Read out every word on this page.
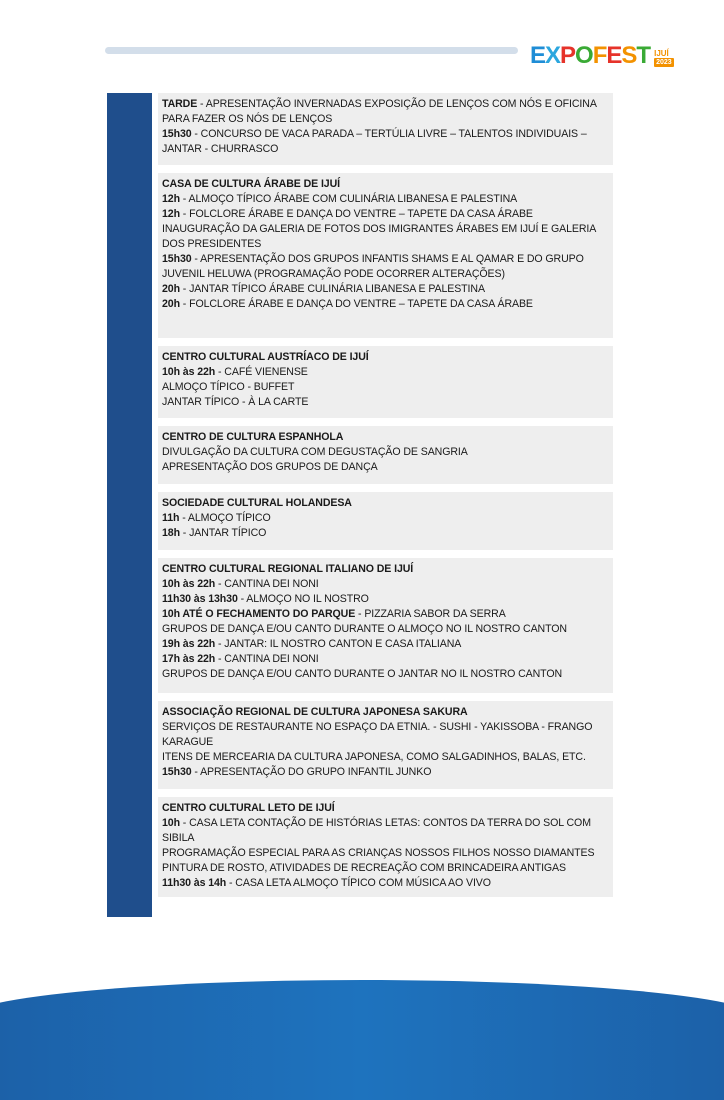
EXPOFEST IJUÍ
2023
TARDE - APRESENTAÇÃO INVERNADAS EXPOSIÇÃO DE LENÇOS COM NÓS E OFICINA PARA FAZER OS NÓS DE LENÇOS
15h30 - CONCURSO DE VACA PARADA – TERTÚLIA LIVRE – TALENTOS INDIVIDUAIS – JANTAR - CHURRASCO
CASA DE CULTURA ÁRABE DE IJUÍ
12h - ALMOÇO TÍPICO ÁRABE COM CULINÁRIA LIBANESA E PALESTINA
12h - FOLCLORE ÁRABE E DANÇA DO VENTRE – TAPETE DA CASA ÁRABE
INAUGURAÇÃO DA GALERIA DE FOTOS DOS IMIGRANTES ÁRABES EM IJUÍ E GALERIA DOS PRESIDENTES
15h30 - APRESENTAÇÃO DOS GRUPOS INFANTIS SHAMS E AL QAMAR E DO GRUPO JUVENIL HELUWA (PROGRAMAÇÃO PODE OCORRER ALTERAÇÕES)
20h - JANTAR TÍPICO ÁRABE CULINÁRIA LIBANESA E PALESTINA
20h - FOLCLORE ÁRABE E DANÇA DO VENTRE – TAPETE DA CASA ÁRABE
CENTRO CULTURAL AUSTRÍACO DE IJUÍ
10h às 22h - CAFÉ VIENENSE
ALMOÇO TÍPICO - BUFFET
JANTAR TÍPICO - À LA CARTE
CENTRO DE CULTURA ESPANHOLA
DIVULGAÇÃO DA CULTURA COM DEGUSTAÇÃO DE SANGRIA
APRESENTAÇÃO DOS GRUPOS DE DANÇA
SOCIEDADE CULTURAL HOLANDESA
11h - ALMOÇO TÍPICO
18h - JANTAR TÍPICO
CENTRO CULTURAL REGIONAL ITALIANO DE IJUÍ
10h às 22h - CANTINA DEI NONI
11h30 às 13h30 - ALMOÇO NO IL NOSTRO
10h ATÉ O FECHAMENTO DO PARQUE - PIZZARIA SABOR DA SERRA
GRUPOS DE DANÇA E/OU CANTO DURANTE O ALMOÇO NO IL NOSTRO CANTON
19h às 22h - JANTAR: IL NOSTRO CANTON E CASA ITALIANA
17h às 22h - CANTINA DEI NONI
GRUPOS DE DANÇA E/OU CANTO DURANTE O JANTAR NO IL NOSTRO CANTON
ASSOCIAÇÃO REGIONAL DE CULTURA JAPONESA SAKURA
SERVIÇOS DE RESTAURANTE NO ESPAÇO DA ETNIA. - SUSHI - YAKISSOBA - FRANGO KARAGUE
ITENS DE MERCEARIA DA CULTURA JAPONESA, COMO SALGADINHOS, BALAS, ETC.
15h30 - APRESENTAÇÃO DO GRUPO INFANTIL JUNKO
CENTRO CULTURAL LETO DE IJUÍ
10h - CASA LETA CONTAÇÃO DE HISTÓRIAS LETAS: CONTOS DA TERRA DO SOL COM SIBILA
PROGRAMAÇÃO ESPECIAL PARA AS CRIANÇAS NOSSOS FILHOS NOSSO DIAMANTES
PINTURA DE ROSTO, ATIVIDADES DE RECREAÇÃO COM BRINCADEIRA ANTIGAS
11h30 às 14h - CASA LETA ALMOÇO TÍPICO COM MÚSICA AO VIVO
